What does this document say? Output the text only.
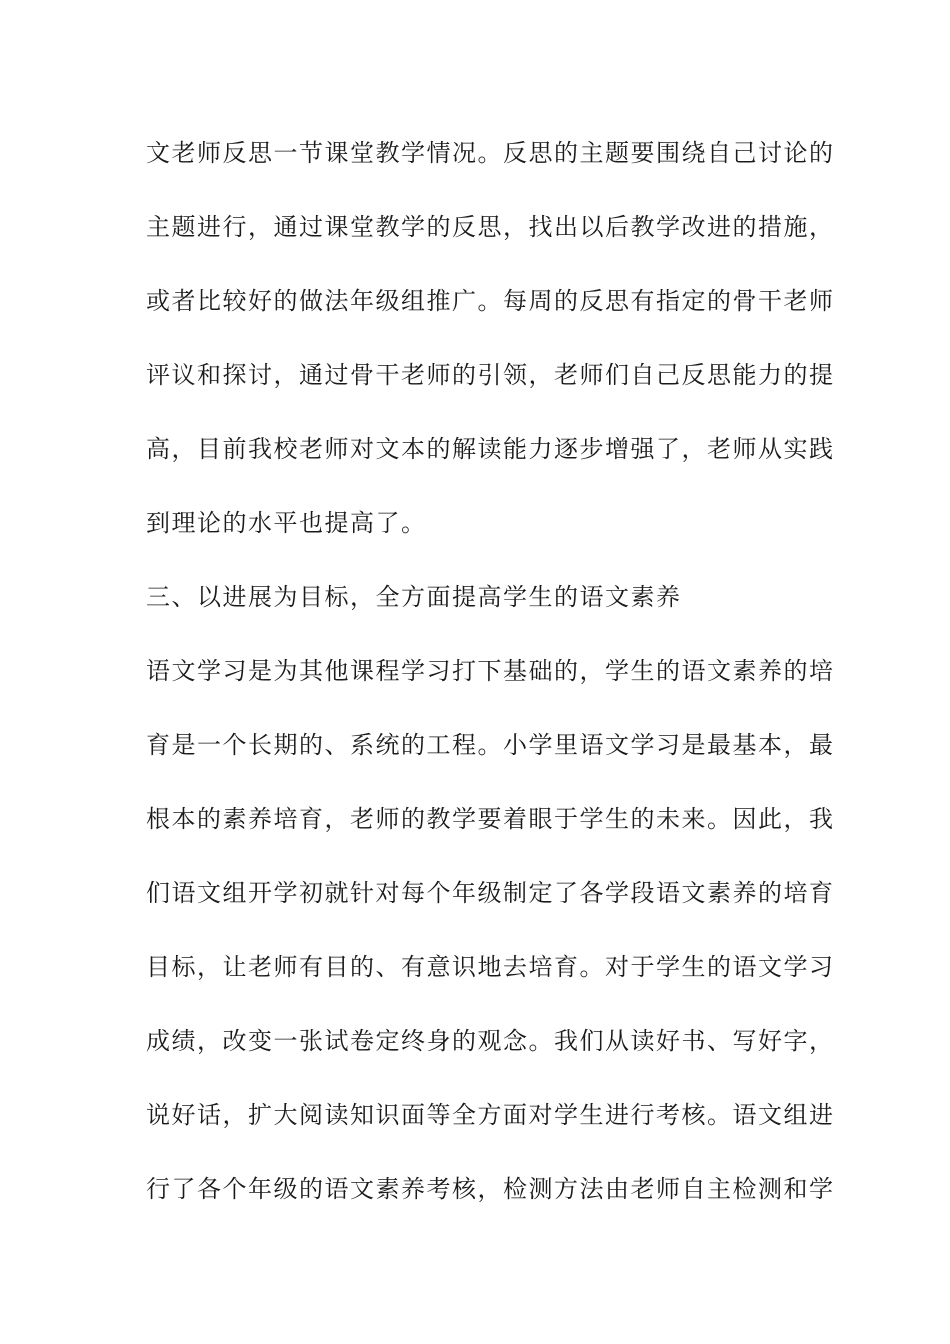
文老师反思一节课堂教学情况。反思的主题要围绕自己讨论的
主题进行，通过课堂教学的反思，找出以后教学改进的措施，
或者比较好的做法年级组推广。每周的反思有指定的骨干老师
评议和探讨，通过骨干老师的引领，老师们自己反思能力的提
高，目前我校老师对文本的解读能力逐步增强了，老师从实践
到理论的水平也提高了。
三、以进展为目标，全方面提高学生的语文素养
语文学习是为其他课程学习打下基础的，学生的语文素养的培
育是一个长期的、系统的工程。小学里语文学习是最基本，最
根本的素养培育，老师的教学要着眼于学生的未来。因此，我
们语文组开学初就针对每个年级制定了各学段语文素养的培育
目标，让老师有目的、有意识地去培育。对于学生的语文学习
成绩，改变一张试卷定终身的观念。我们从读好书、写好字，
说好话，扩大阅读知识面等全方面对学生进行考核。语文组进
行了各个年级的语文素养考核，检测方法由老师自主检测和学
